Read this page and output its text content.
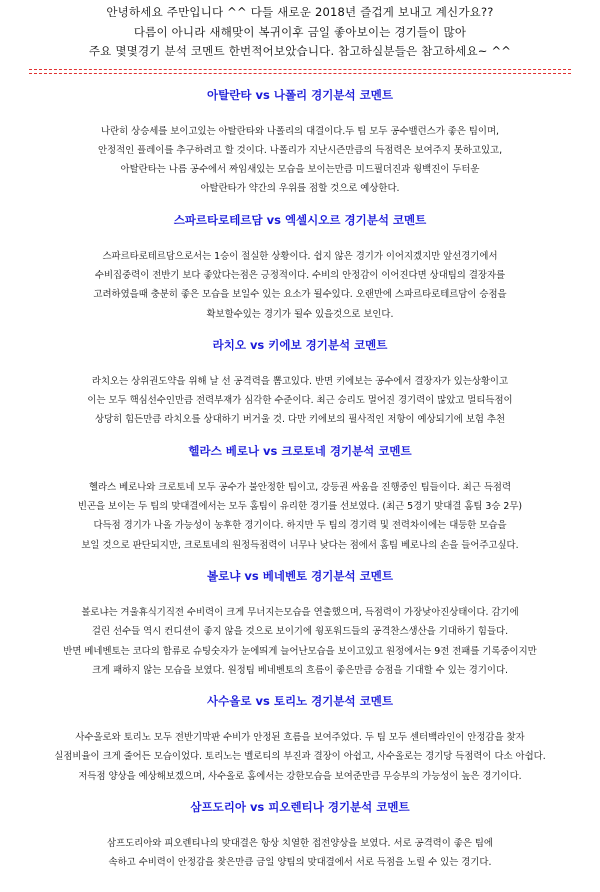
안녕하세요 주만입니다 ^^ 다들 새로운 2018년 즐겁게 보내고 계신가요??
다름이 아니라 새해맞이 복귀이후 금일 좋아보이는 경기들이 많아
주요 몇몇경기 분석 코멘트 한번적어보았습니다. 참고하실분들은 참고하세요~ ^^
아탈란타 vs 나폴리 경기분석 코멘트
나란히 상승세를 보이고있는 아탈란타와 나폴리의 대결이다.두 팀 모두 공수밸런스가 좋은 팀이며,
안정적인 플레이를 추구하려고 할 것이다. 나폴리가 지난시즌만큼의 득점력은 보여주지 못하고있고,
아탈란타는 나름 공수에서 짜임새있는 모습을 보이는만큼 미드필더진과 윙백진이 두터운
아탈란타가 약간의 우위를 점할 것으로 예상한다.
스파르타로테르담 vs 엑셀시오르 경기분석 코멘트
스파르타로테르담으로서는 1승이 절실한 상황이다. 쉽지 않은 경기가 이어지겠지만 앞선경기에서
수비집중력이 전반기 보다 좋았다는점은 긍정적이다. 수비의 안정감이 이어진다면 상대팀의 결장자를
고려하였을때 충분히 좋은 모습을 보일수 있는 요소가 될수있다. 오랜만에 스파르타로테르담이 승점을
확보할수있는 경기가 될수 있을것으로 보인다.
라치오 vs 키에보 경기분석 코멘트
라치오는 상위권도약을 위해 날 선 공격력을 뽐고있다. 반면 키에보는 공수에서 결장자가 있는상황이고
이는 모두 핵심선수인만큼 전력부재가 심각한 수준이다. 최근 승리도 멀어진 경기력이 많았고 멀티득점이
상당히 힘든만큼 라치오를 상대하기 버거울 것. 다만 키에보의 필사적인 저항이 예상되기에 보험 추천
헬라스 베로나 vs 크로토네 경기분석 코멘트
헬라스 베로나와 크로토네 모두 공수가 불안정한 팀이고, 강등권 싸움을 진행중인 팀들이다. 최근 득점력
빈곤을 보이는 두 팀의 맞대결에서는 모두 홈팀이 유리한 경기를 선보였다. (최근 5경기 맞대결 홈팀 3승 2무)
다득점 경기가 나올 가능성이 농후한 경기이다. 하지만 두 팀의 경기력 및 전력차이에는 대등한 모습을
보일 것으로 판단되지만, 크로토네의 원정득점력이 너무나 낮다는 점에서 홈팀 베로나의 손을 들어주고싶다.
볼로냐 vs 베네벤토 경기분석 코멘트
볼로냐는 겨울휴식기직전 수비력이 크게 무너지는모습을 연출했으며, 득점력이 가장낮아진상태이다. 감기에
걸린 선수들 역시 컨디션이 좋지 않을 것으로 보이기에 윙포워드들의 공격찬스생산을 기대하기 힘들다.
반면 베네벤토는 코다의 합류로 슈팅숫자가 눈에띄게 늘어난모습을 보이고있고 원정에서는 9전 전패를 기록중이지만
크게 패하지 않는 모습을 보였다. 원정팀 베네벤토의 흐름이 좋은만큼 승점을 기대할 수 있는 경기이다.
사수올로 vs 토리노 경기분석 코멘트
사수올로와 토리노 모두 전반기막판 수비가 안정된 흐름을 보여주었다. 두 팀 모두 센터백라인이 안정감을 찾자
실점비율이 크게 줄어든 모습이었다. 토리노는 벨로티의 부진과 결장이 아쉽고, 사수올로는 경기당 득점력이 다소 아쉽다.
저득점 양상을 예상해보겠으며, 사수올로 홈에서는 강한모습을 보여준만큼 무승부의 가능성이 높은 경기이다.
삼프도리아 vs 피오렌티나 경기분석 코멘트
삼프도리아와 피오렌티나의 맞대결은 항상 치열한 접전양상을 보였다. 서로 공격력이 좋은 팀에
속하고 수비력이 안정감을 찾은만큼 금일 양팀의 맞대결에서 서로 득점을 노릴 수 있는 경기다.
